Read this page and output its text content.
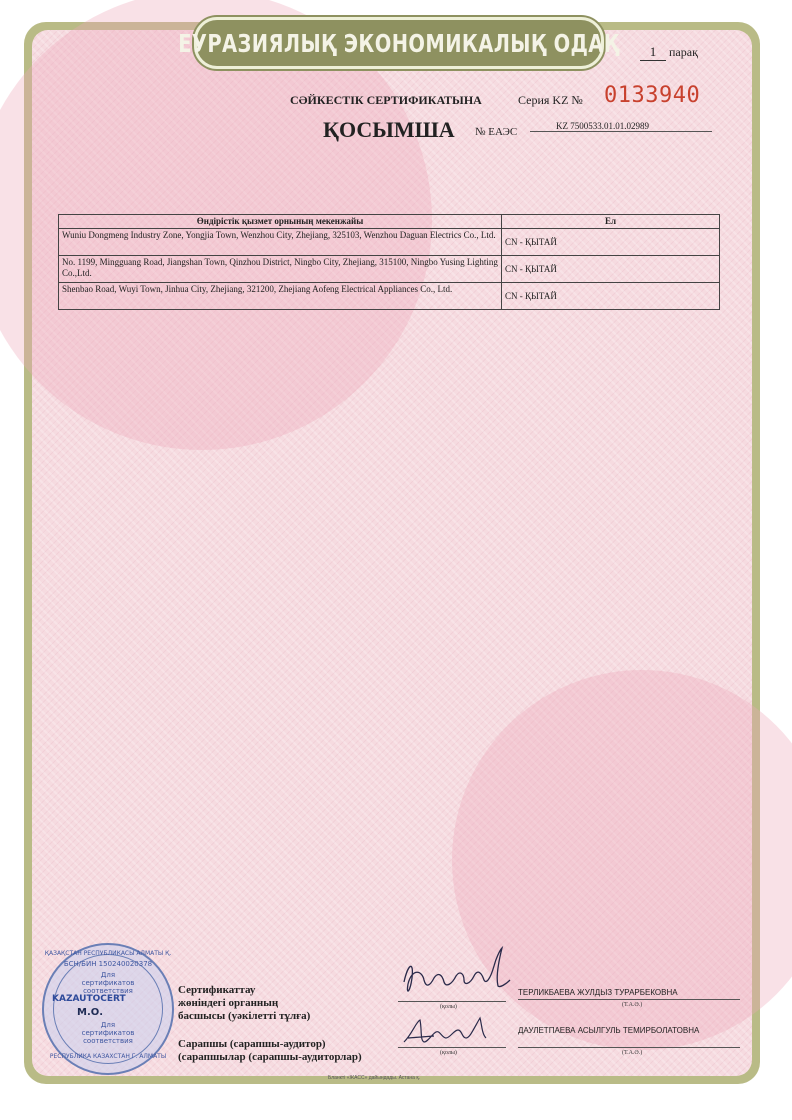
ЕУРАЗИЯЛЫҚ ЭКОНОМИКАЛЫҚ ОДАҚ	1 парақ
СӘЙКЕСТІК СЕРТИФИКАТЫНА	Серия KZ № 0133940
ҚОСЫМША № ЕАЭС	KZ 7500533.01.01.02989
Өндірістік қызмет орнының мекенжайы	Ел
Wuniu Dongmeng Industry Zone, Yongjia Town, Wenzhou City, Zhejiang, 325103, Wenzhou Daguan Electrics Co., Ltd.	CN - ҚЫТАЙ
No. 1199, Mingguang Road, Jiangshan Town, Qinzhou District, Ningbo City, Zhejiang, 315100, Ningbo Yusing Lighting Co.,Ltd.	CN - ҚЫТАЙ
Shenbao Road, Wuyi Town, Jinhua City, Zhejiang, 321200, Zhejiang Aofeng Electrical Appliances Co., Ltd.	CN - ҚЫТАЙ
ҚАЗАҚСТАН РЕСПУБЛИКАСЫ АЛМАТЫ Қ.
БСН/БИН 150240020378
Для сертификатов соответствия
KAZAUTOCERT
М.О.
Для сертификатов соответствия
РЕСПУБЛИКА КАЗАХСТАН Г. АЛМАТЫ
Сертификаттау
жөніндегі органның
басшысы (уәкілетті тұлға)
(қолы)
ТЕРЛИКБАЕВА ЖУЛДЫЗ ТУРАРБЕКОВНА
(Т.А.Ә.)
Сарапшы (сарапшы-аудитор)
(сарапшылар (сарапшы-аудиторлар)	(қолы)
ДАУЛЕТПАЕВА АСЫЛГУЛЬ ТЕМИРБОЛАТОВНА
(Т.А.Ә.)
Бланкті «ЖАСС» дайындады. Астана қ.
